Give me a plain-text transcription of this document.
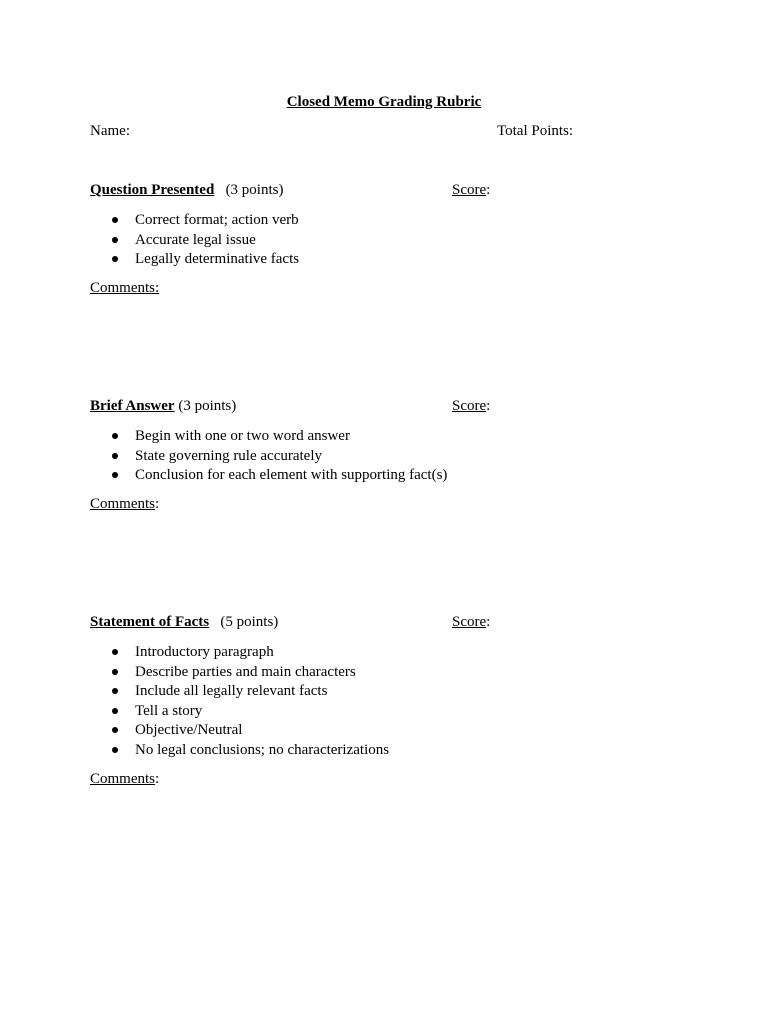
Closed Memo Grading Rubric
Name:	Total Points:
Question Presented (3 points)	Score:
Correct format; action verb
Accurate legal issue
Legally determinative facts
Comments:
Brief Answer (3 points)	Score:
Begin with one or two word answer
State governing rule accurately
Conclusion for each element with supporting fact(s)
Comments:
Statement of Facts (5 points)	Score:
Introductory paragraph
Describe parties and main characters
Include all legally relevant facts
Tell a story
Objective/Neutral
No legal conclusions; no characterizations
Comments:
